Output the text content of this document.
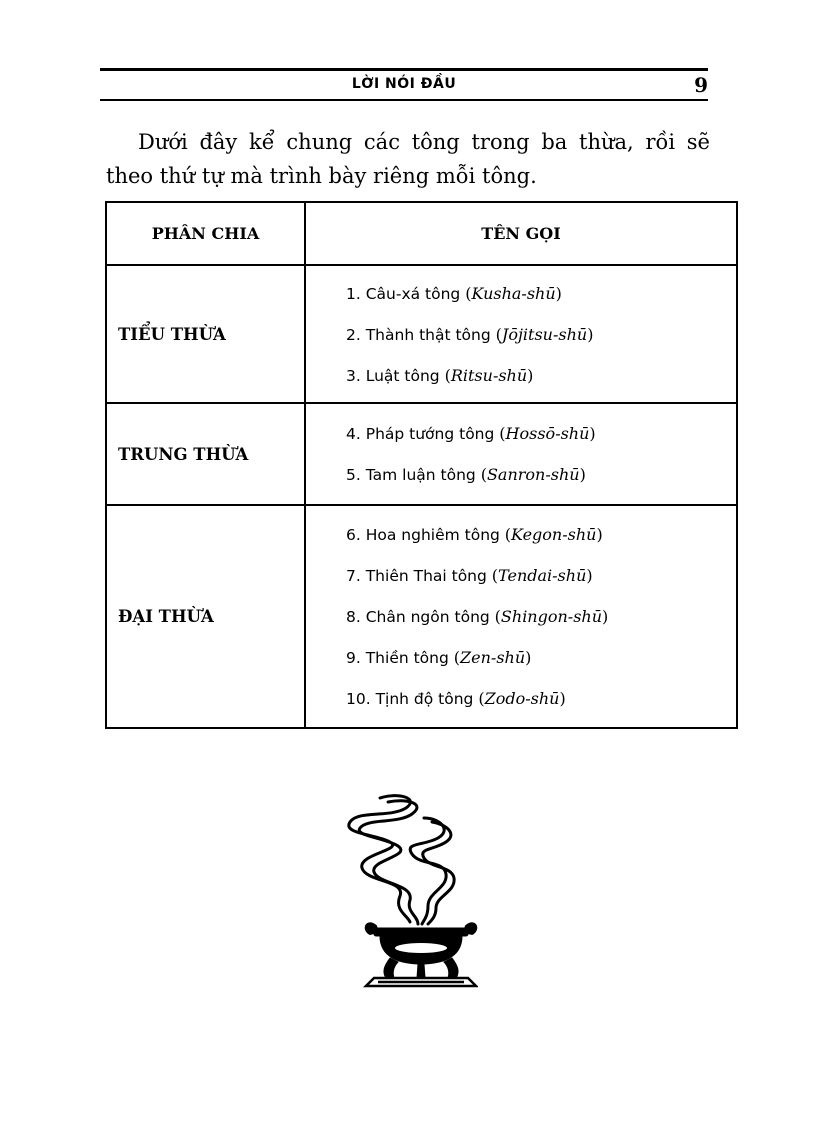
LỜI NÓI ĐẦU	9
Dưới đây kể chung các tông trong ba thừa, rồi sẽ
theo thứ tự mà trình bày riêng mỗi tông.
PHÂN CHIA	TÊN GỌI
TIỂU THỪA	1. Câu-xá tông (Kusha-shū)
2. Thành thật tông (Jōjitsu-shū)
3. Luật tông (Ritsu-shū)

TRUNG THỪA	4. Pháp tướng tông (Hossō-shū)
5. Tam luận tông (Sanron-shū)

ĐẠI THỪA	6. Hoa nghiêm tông (Kegon-shū)
7. Thiên Thai tông (Tendai-shū)
8. Chân ngôn tông (Shingon-shū)
9. Thiền tông (Zen-shū)
10. Tịnh độ tông (Zodo-shū)
